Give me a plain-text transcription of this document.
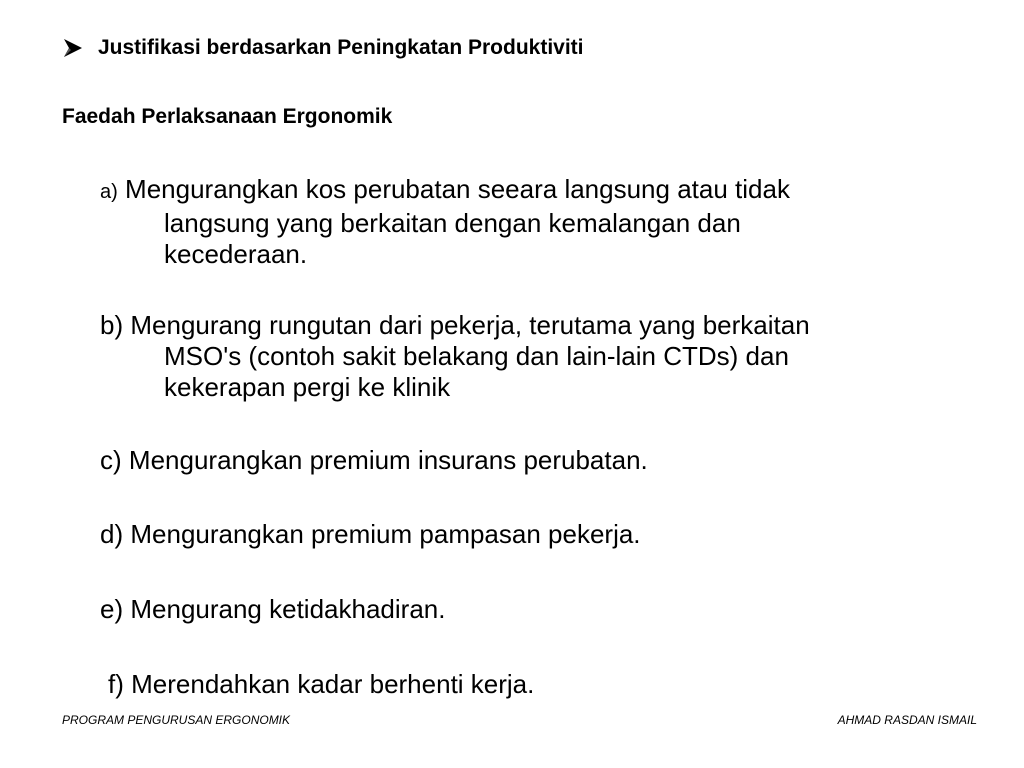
Justifikasi berdasarkan Peningkatan Produktiviti
Faedah Perlaksanaan Ergonomik
a) Mengurangkan kos perubatan seeara langsung atau tidak
langsung yang berkaitan dengan kemalangan dan
kecederaan.
b) Mengurang rungutan dari pekerja, terutama yang berkaitan
MSO's (contoh sakit belakang dan lain-lain CTDs) dan
kekerapan pergi ke klinik
c) Mengurangkan premium insurans perubatan.
d) Mengurangkan premium pampasan pekerja.
e) Mengurang ketidakhadiran.
f) Merendahkan kadar berhenti kerja.
PROGRAM PENGURUSAN ERGONOMIK	AHMAD RASDAN ISMAIL
